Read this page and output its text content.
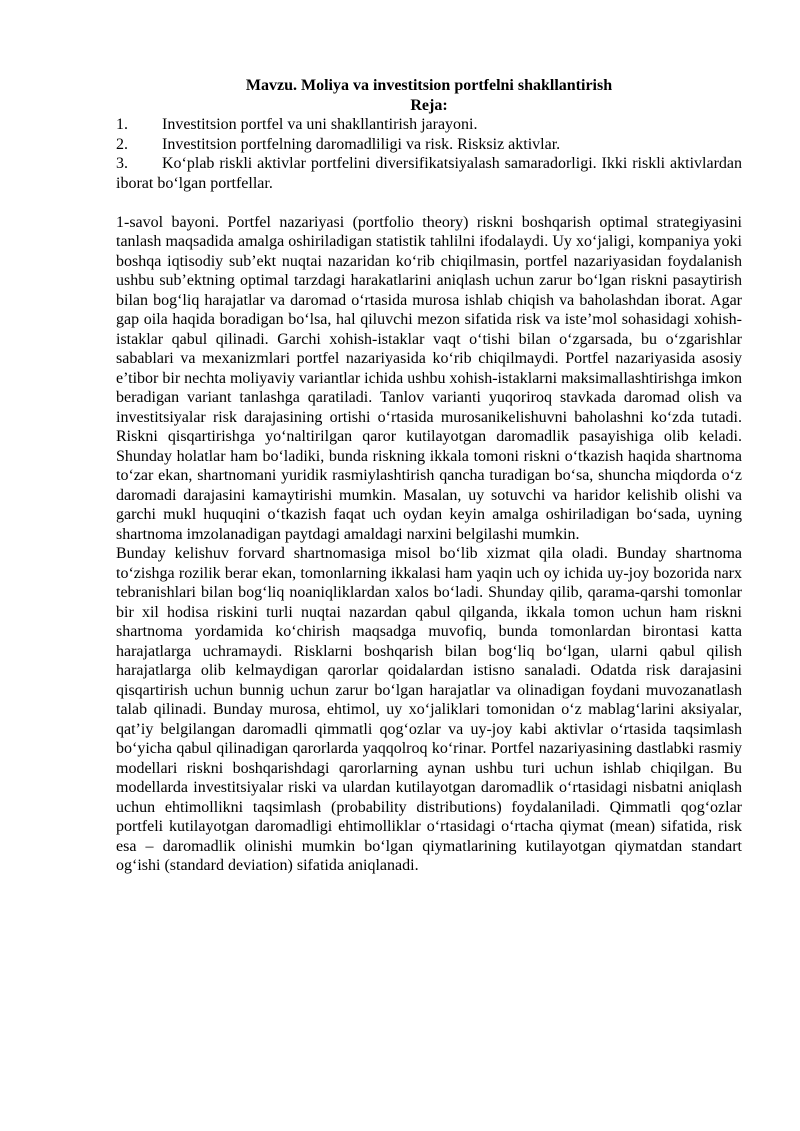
Mavzu. Moliya va investitsion portfelni shakllantirish

Reja:

1. Investitsion portfel va uni shakllantirish jarayoni.
2. Investitsion portfelning daromadliligi va risk. Risksiz aktivlar.
3. Ko‘plab riskli aktivlar portfelini diversifikatsiyalash samaradorligi. Ikki riskli aktivlardan iborat bo‘lgan portfellar.

1-savol bayoni. Portfel nazariyasi (portfolio theory) riskni boshqarish optimal strategiyasini tanlash maqsadida amalga oshiriladigan statistik tahlilni ifodalaydi. Uy xo‘jaligi, kompaniya yoki boshqa iqtisodiy sub’ekt nuqtai nazaridan ko‘rib chiqilmasin, portfel nazariyasidan foydalanish ushbu sub’ektning optimal tarzdagi harakatlarini aniqlash uchun zarur bo‘lgan riskni pasaytirish bilan bog‘liq harajatlar va daromad o‘rtasida murosa ishlab chiqish va baholashdan iborat. Agar gap oila haqida boradigan bo‘lsa, hal qiluvchi mezon sifatida risk va iste’mol sohasidagi xohish-istaklar qabul qilinadi. Garchi xohish-istaklar vaqt o‘tishi bilan o‘zgarsada, bu o‘zgarishlar sabablari va mexanizmlari portfel nazariyasida ko‘rib chiqilmaydi. Portfel nazariyasida asosiy e’tibor bir nechta moliyaviy variantlar ichida ushbu xohish-istaklarni maksimallashtirishga imkon beradigan variant tanlashga qaratiladi. Tanlov varianti yuqoriroq stavkada daromad olish va investitsiyalar risk darajasining ortishi o‘rtasida murosanikelishuvni baholashni ko‘zda tutadi. Riskni qisqartirishga yo‘naltirilgan qaror kutilayotgan daromadlik pasayishiga olib keladi. Shunday holatlar ham bo‘ladiki, bunda riskning ikkala tomoni riskni o‘tkazish haqida shartnoma to‘zar ekan, shartnomani yuridik rasmiylashtirish qancha turadigan bo‘sa, shuncha miqdorda o‘z daromadi darajasini kamaytirishi mumkin. Masalan, uy sotuvchi va haridor kelishib olishi va garchi mukl huquqini o‘tkazish faqat uch oydan keyin amalga oshiriladigan bo‘sada, uyning shartnoma imzolanadigan paytdagi amaldagi narxini belgilashi mumkin.

Bunday kelishuv forvard shartnomasiga misol bo‘lib xizmat qila oladi. Bunday shartnoma to‘zishga rozilik berar ekan, tomonlarning ikkalasi ham yaqin uch oy ichida uy-joy bozorida narx tebranishlari bilan bog‘liq noaniqliklardan xalos bo‘ladi. Shunday qilib, qarama-qarshi tomonlar bir xil hodisa riskini turli nuqtai nazardan qabul qilganda, ikkala tomon uchun ham riskni shartnoma yordamida ko‘chirish maqsadga muvofiq, bunda tomonlardan birontasi katta harajatlarga uchramaydi. Risklarni boshqarish bilan bog‘liq bo‘lgan, ularni qabul qilish harajatlarga olib kelmaydigan qarorlar qoidalardan istisno sanaladi. Odatda risk darajasini qisqartirish uchun bunnig uchun zarur bo‘lgan harajatlar va olinadigan foydani muvozanatlash talab qilinadi. Bunday murosa, ehtimol, uy xo‘jaliklari tomonidan o‘z mablag‘larini aksiyalar, qat’iy belgilangan daromadli qimmatli qog‘ozlar va uy-joy kabi aktivlar o‘rtasida taqsimlash bo‘yicha qabul qilinadigan qarorlarda yaqqolroq ko‘rinar. Portfel nazariyasining dastlabki rasmiy modellari riskni boshqarishdagi qarorlarning aynan ushbu turi uchun ishlab chiqilgan. Bu modellarda investitsiyalar riski va ulardan kutilayotgan daromadlik o‘rtasidagi nisbatni aniqlash uchun ehtimollikni taqsimlash (probability distributions) foydalaniladi. Qimmatli qog‘ozlar portfeli kutilayotgan daromadligi ehtimolliklar o‘rtasidagi o‘rtacha qiymat (mean) sifatida, risk esa – daromadlik olinishi mumkin bo‘lgan qiymatlarining kutilayotgan qiymatdan standart og‘ishi (standard deviation) sifatida aniqlanadi.
